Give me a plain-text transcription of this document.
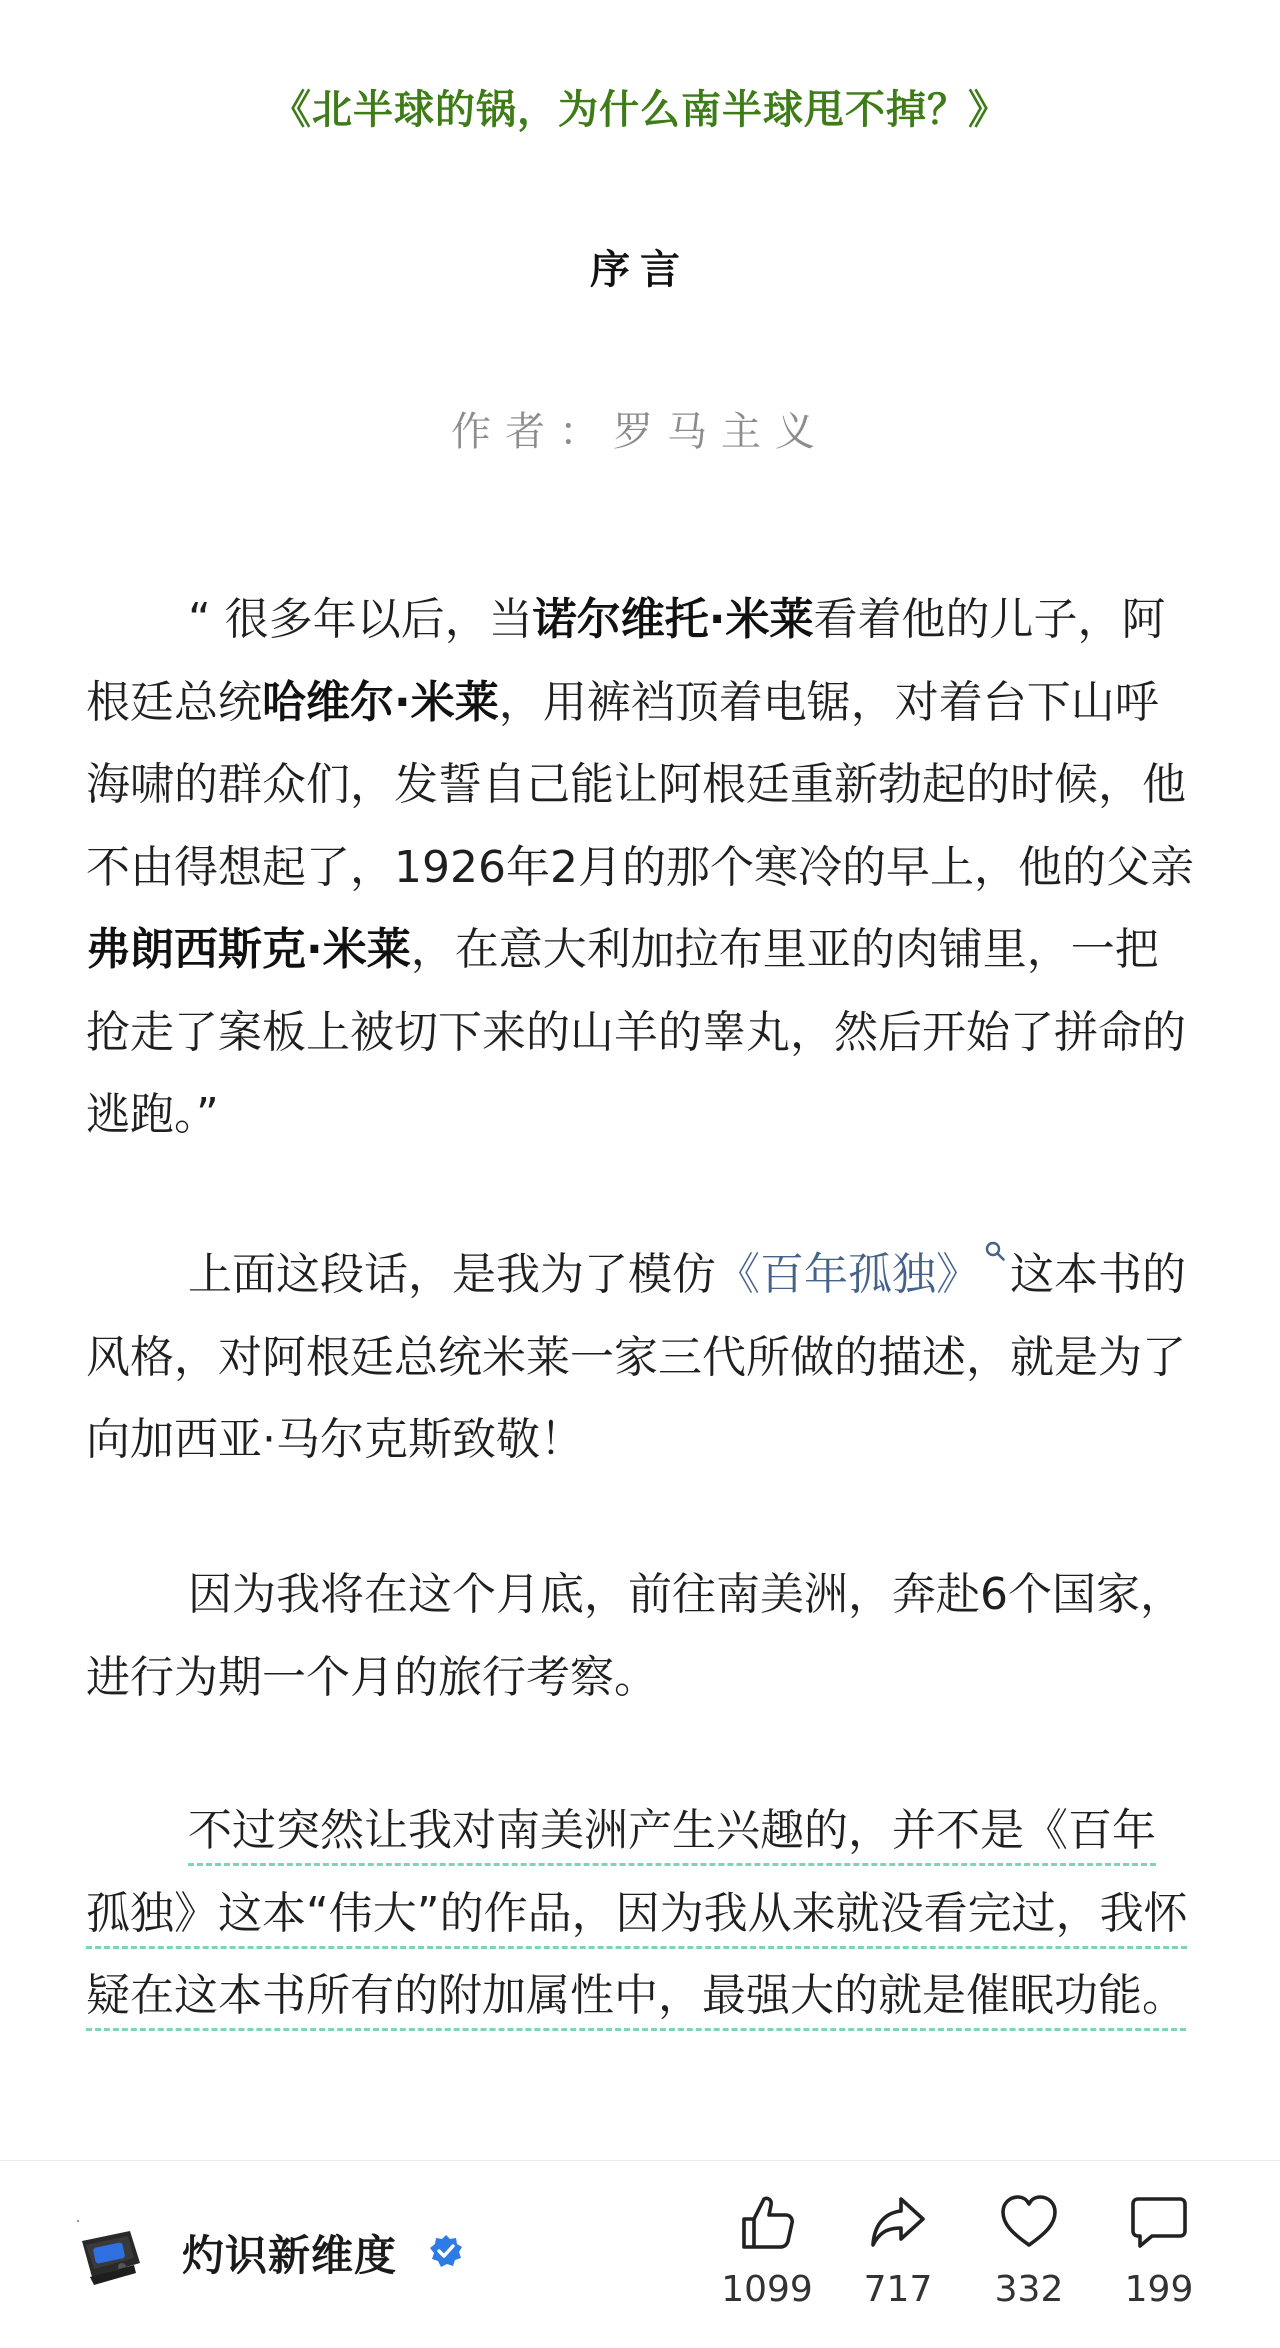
《北半球的锅，为什么南半球甩不掉？》
序言
作者：罗马主义

“ 很多年以后，当诺尔维托·米莱看着他的儿子，阿根廷总统哈维尔·米莱，用裤裆顶着电锯，对着台下山呼海啸的群众们，发誓自己能让阿根廷重新勃起的时候，他不由得想起了，1926年2月的那个寒冷的早上，他的父亲弗朗西斯克·米莱，在意大利加拉布里亚的肉铺里，一把抢走了案板上被切下来的山羊的睾丸，然后开始了拼命的逃跑。”

上面这段话，是我为了模仿《百年孤独》 这本书的风格，对阿根廷总统米莱一家三代所做的描述，就是为了向加西亚·马尔克斯致敬！

因为我将在这个月底，前往南美洲，奔赴6个国家，进行为期一个月的旅行考察。

不过突然让我对南美洲产生兴趣的，并不是《百年孤独》这本“伟大”的作品，因为我从来就没看完过，我怀疑在这本书所有的附加属性中，最强大的就是催眠功能。

灼识新维度
1099	717	332	199
